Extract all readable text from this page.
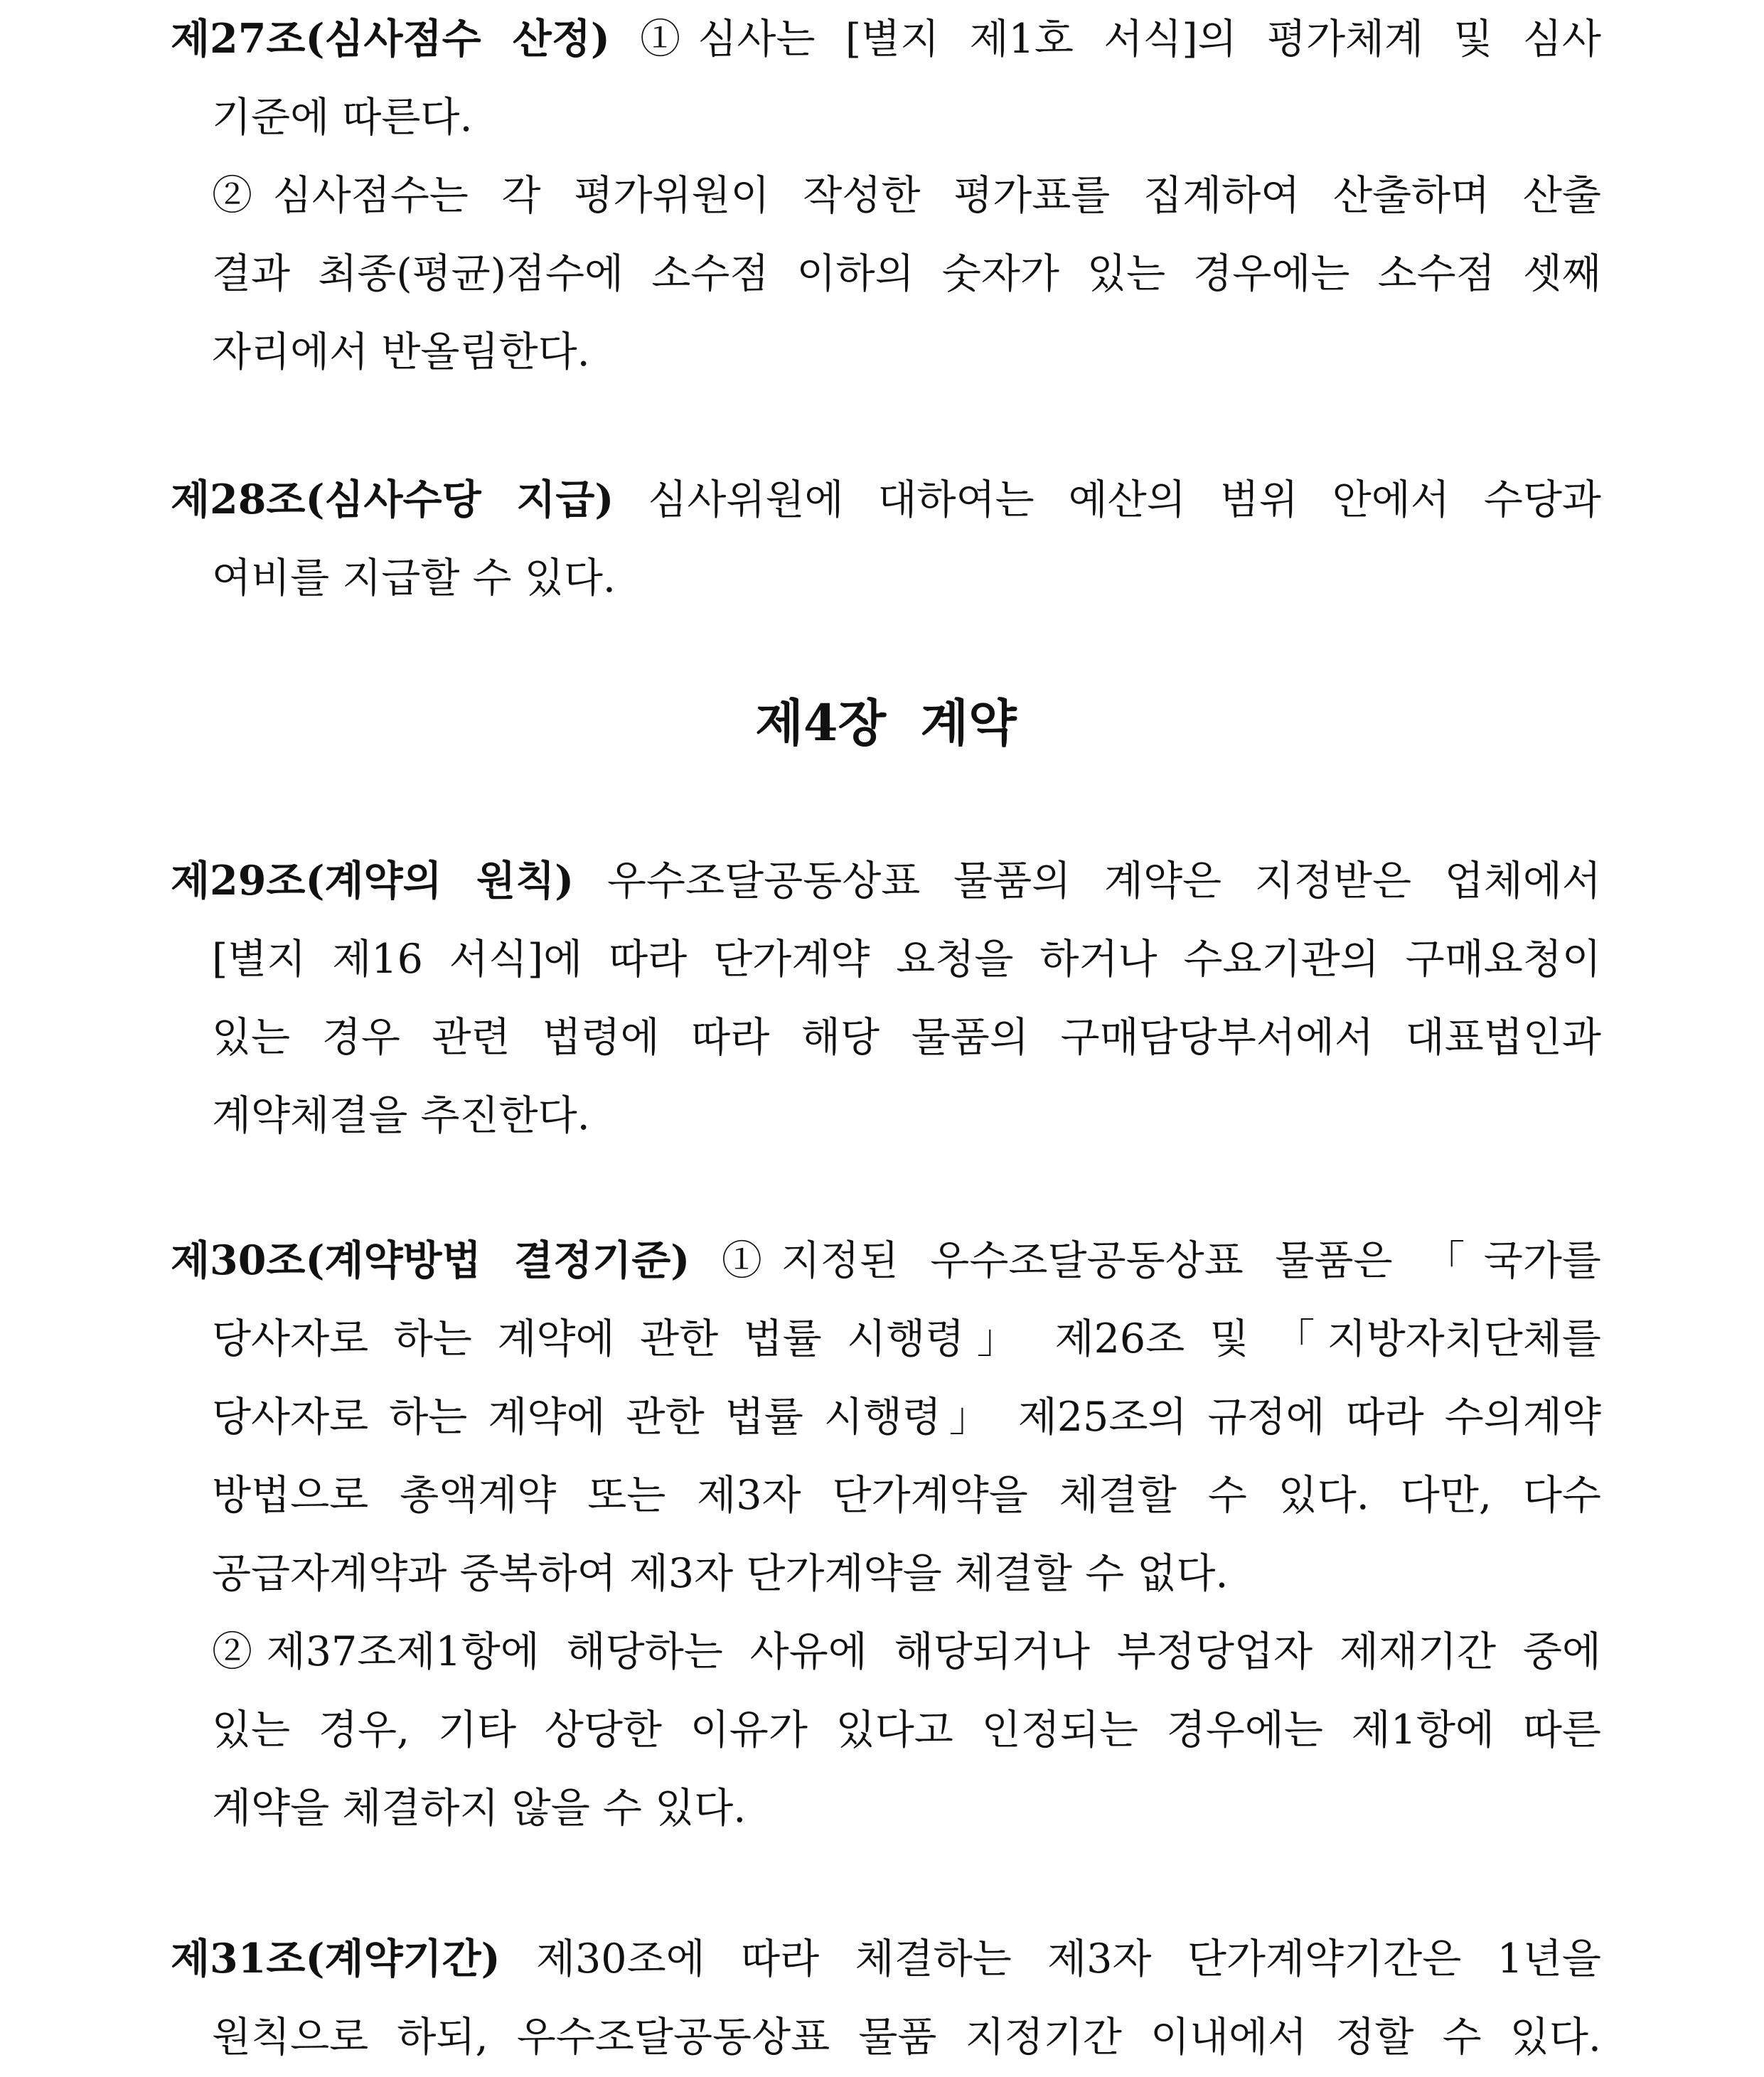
제27조(심사점수 산정) ①심사는 [별지 제1호 서식]의 평가체계 및 심사
기준에 따른다.
②심사점수는 각 평가위원이 작성한 평가표를 집계하여 산출하며 산출
결과 최종(평균)점수에 소수점 이하의 숫자가 있는 경우에는 소수점 셋째
자리에서 반올림한다.
제28조(심사수당 지급) 심사위원에 대하여는 예산의 범위 안에서 수당과
여비를 지급할 수 있다.
제4장 계약
제29조(계약의 원칙) 우수조달공동상표 물품의 계약은 지정받은 업체에서
[별지 제16 서식]에 따라 단가계약 요청을 하거나 수요기관의 구매요청이
있는 경우 관련 법령에 따라 해당 물품의 구매담당부서에서 대표법인과
계약체결을 추진한다.
제30조(계약방법 결정기준) ①지정된 우수조달공동상표 물품은 「국가를
당사자로 하는 계약에 관한 법률 시행령」 제26조 및 「지방자치단체를
당사자로 하는 계약에 관한 법률 시행령」 제25조의 규정에 따라 수의계약
방법으로 총액계약 또는 제3자 단가계약을 체결할 수 있다. 다만, 다수
공급자계약과 중복하여 제3자 단가계약을 체결할 수 없다.
②제37조제1항에 해당하는 사유에 해당되거나 부정당업자 제재기간 중에
있는 경우, 기타 상당한 이유가 있다고 인정되는 경우에는 제1항에 따른
계약을 체결하지 않을 수 있다.
제31조(계약기간) 제30조에 따라 체결하는 제3자 단가계약기간은 1년을
원칙으로 하되, 우수조달공동상표 물품 지정기간 이내에서 정할 수 있다.
